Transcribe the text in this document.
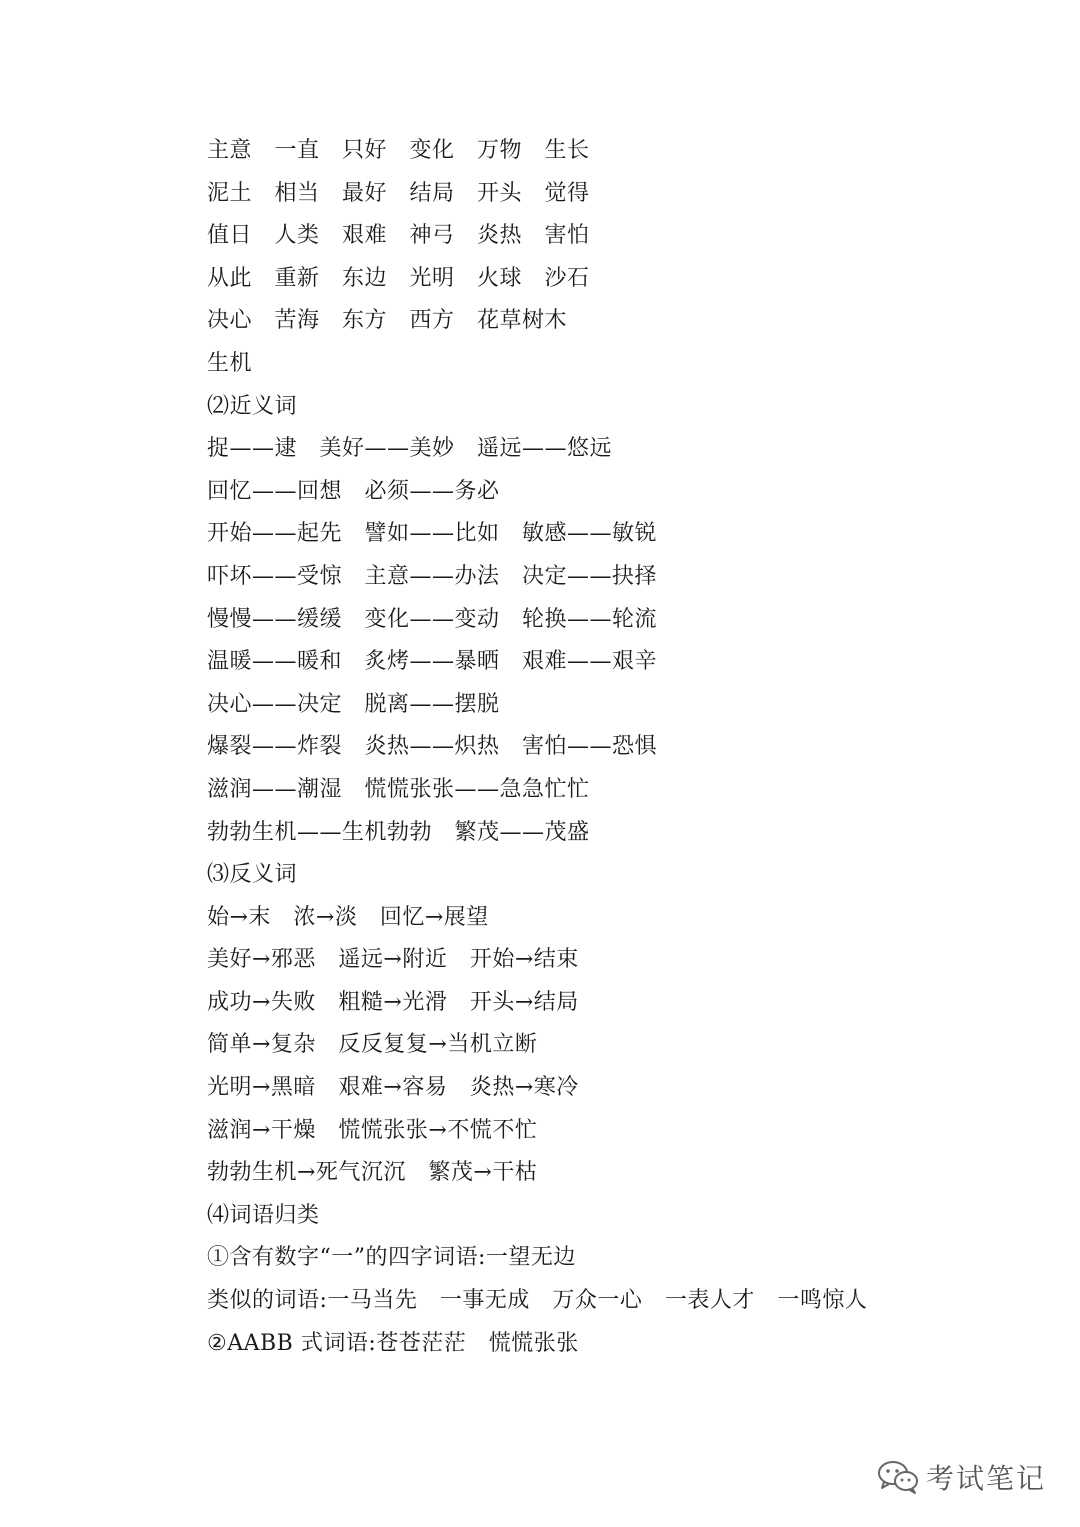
主意　一直　只好　变化　万物　生长
泥土　相当　最好　结局　开头　觉得
值日　人类　艰难　神弓　炎热　害怕
从此　重新　东边　光明　火球　沙石
决心　苦海　东方　西方　花草树木
生机
⑵近义词
捉——逮　美好——美妙　遥远——悠远
回忆——回想　必须——务必
开始——起先　譬如——比如　敏感——敏锐
吓坏——受惊　主意——办法　决定——抉择
慢慢——缓缓　变化——变动　轮换——轮流
温暖——暖和　炙烤——暴晒　艰难——艰辛
决心——决定　脱离——摆脱
爆裂——炸裂　炎热——炽热　害怕——恐惧
滋润——潮湿　慌慌张张——急急忙忙
勃勃生机——生机勃勃　繁茂——茂盛
⑶反义词
始→末　浓→淡　回忆→展望
美好→邪恶　遥远→附近　开始→结束
成功→失败　粗糙→光滑　开头→结局
简单→复杂　反反复复→当机立断
光明→黑暗　艰难→容易　炎热→寒冷
滋润→干燥　慌慌张张→不慌不忙
勃勃生机→死气沉沉　繁茂→干枯
⑷词语归类
①含有数字“一”的四字词语:一望无边
类似的词语:一马当先　一事无成　万众一心　一表人才　一鸣惊人
②AABB 式词语:苍苍茫茫　慌慌张张
考试笔记
